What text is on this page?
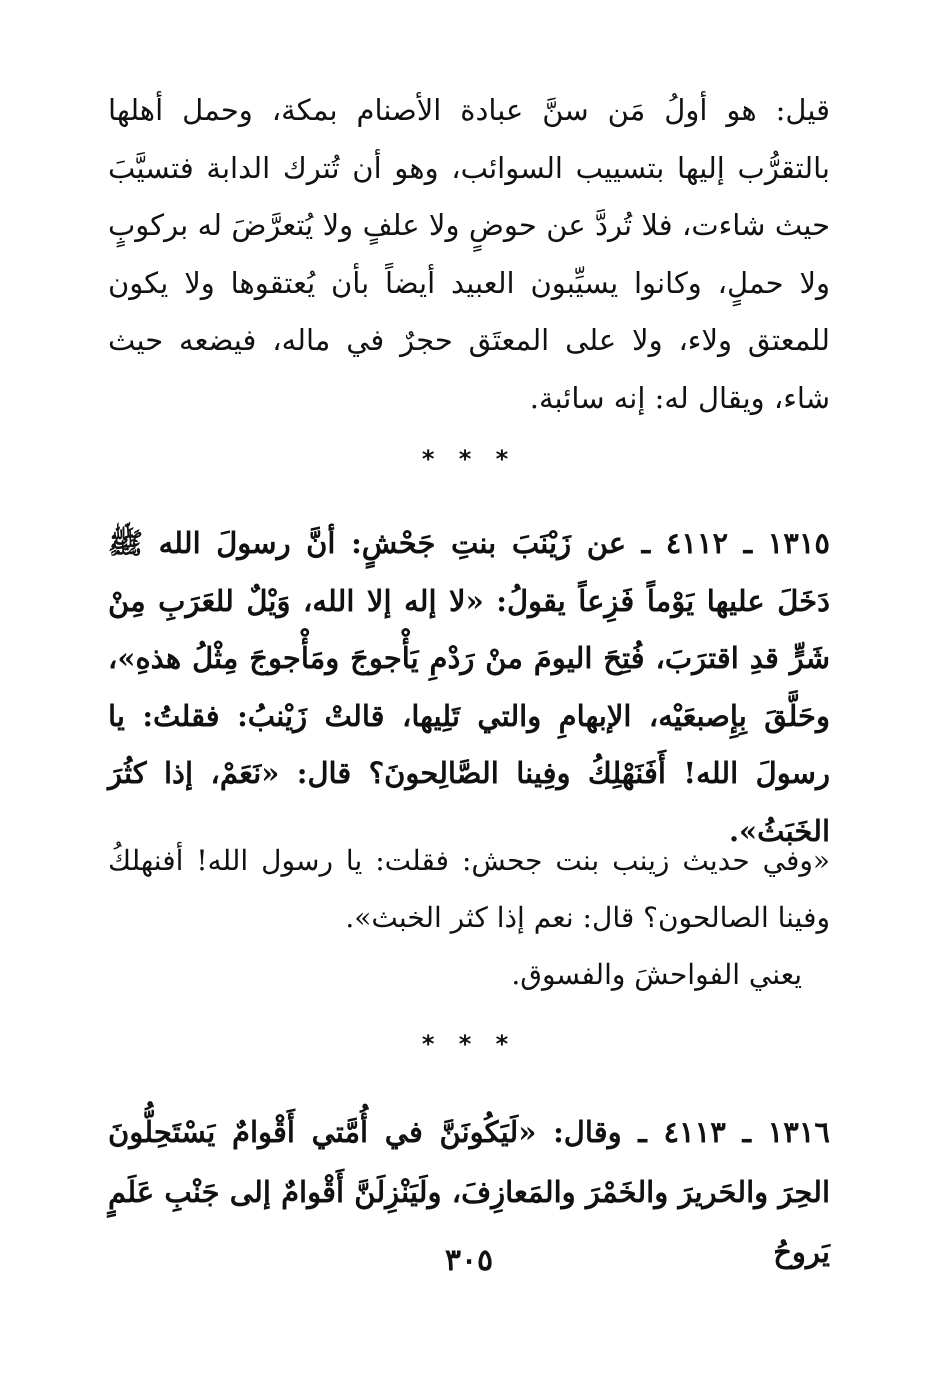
قيل: هو أولُ مَن سنَّ عبادة الأصنام بمكة، وحمل أهلها بالتقرُّب إليها بتسييب السوائب، وهو أن تُترك الدابة فتسيَّبَ حيث شاءت، فلا تُردَّ عن حوضٍ ولا علفٍ ولا يُتعرَّضَ له بركوبٍ ولا حملٍ، وكانوا يسيِّبون العبيد أيضاً بأن يُعتقوها ولا يكون للمعتق ولاء، ولا على المعتَق حجرٌ في ماله، فيضعه حيث شاء، ويقال له: إنه سائبة.

* * *

١٣١٥ ـ ٤١١٢ ـ عن زَيْنَبَ بنتِ جَحْشٍ: أنَّ رسولَ الله ﷺ دَخَلَ عليها يَوْماً فَزِعاً يقولُ: «لا إله إلا الله، وَيْلٌ للعَرَبِ مِنْ شَرٍّ قدِ اقترَبَ، فُتِحَ اليومَ منْ رَدْمِ يَأْجوجَ ومَأْجوجَ مِثْلُ هذهِ»، وحَلَّقَ بِإِصبعَيْه، الإبهامِ والتي تَلِيها، قالتْ زَيْنبُ: فقلتُ: يا رسولَ الله! أَفَنَهْلِكُ وفِينا الصَّالِحونَ؟ قال: «نَعَمْ، إذا كثُرَ الخَبَثُ».

«وفي حديث زينب بنت جحش: فقلت: يا رسول الله! أفنهلكُ وفينا الصالحون؟ قال: نعم إذا كثر الخبث».

يعني الفواحشَ والفسوق.

* * *

١٣١٦ ـ ٤١١٣ ـ وقال: «لَيَكُونَنَّ في أُمَّتي أَقْوامٌ يَسْتَحِلُّونَ الحِرَ والحَريرَ والخَمْرَ والمَعازِفَ، ولَيَنْزِلَنَّ أَقْوامٌ إلى جَنْبِ عَلَمٍ يَروحُ

٣٠٥
